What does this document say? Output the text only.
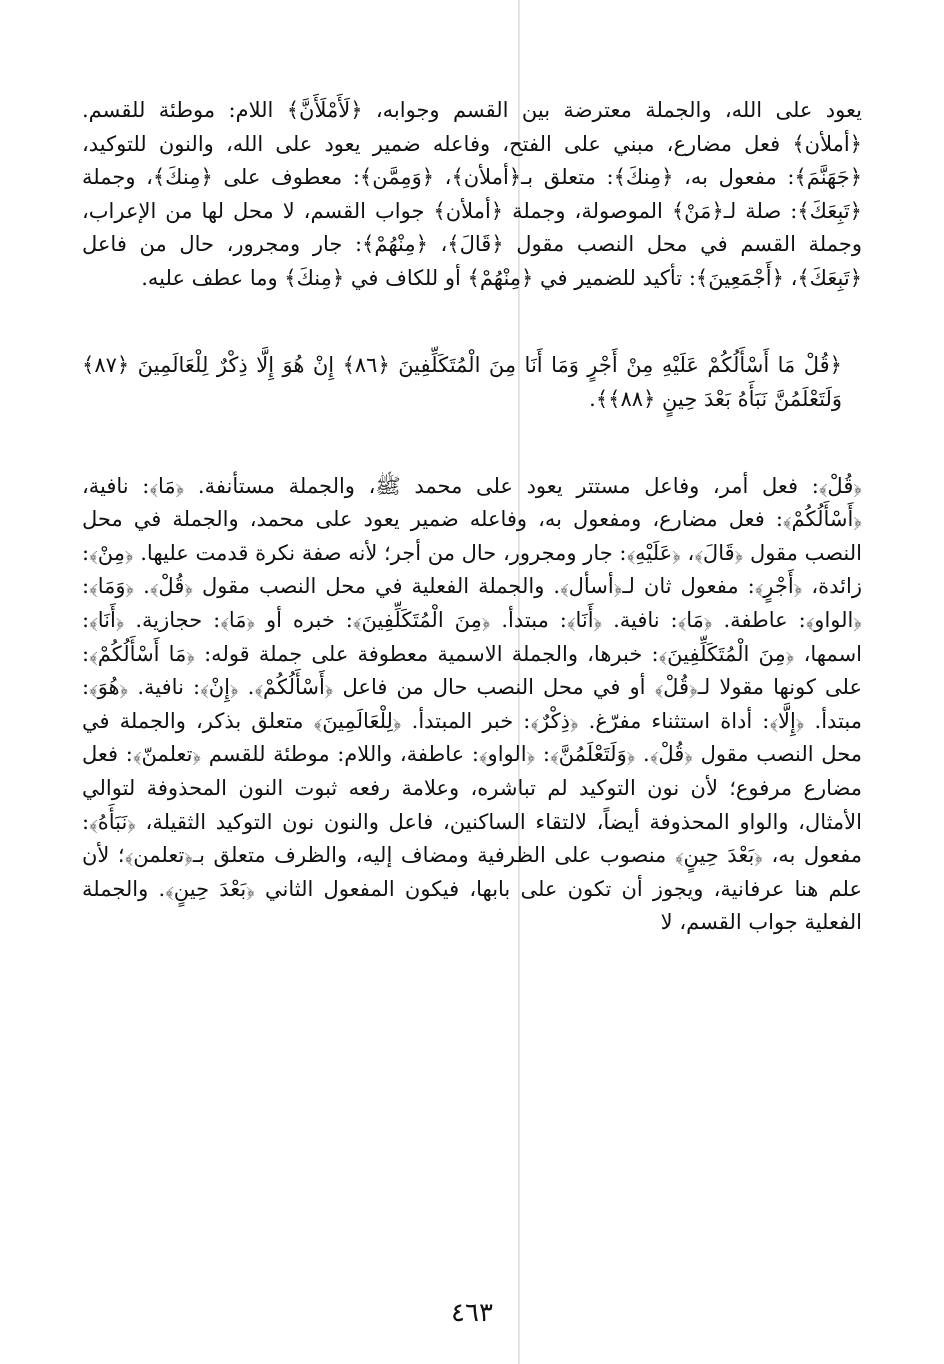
يعود على الله، والجملة معترضة بين القسم وجوابه، ﴿لَأَمْلَأَنَّ﴾ اللام: موطئة للقسم. ﴿أملأن﴾ فعل مضارع، مبني على الفتح، وفاعله ضمير يعود على الله، والنون للتوكيد، ﴿جَهَنَّمَ﴾: مفعول به، ﴿مِنكَ﴾: متعلق بـ﴿أملأن﴾، ﴿وَمِمَّن﴾: معطوف على ﴿مِنكَ﴾، وجملة ﴿تَبِعَكَ﴾: صلة لـ﴿مَنْ﴾ الموصولة، وجملة ﴿أملأن﴾ جواب القسم، لا محل لها من الإعراب، وجملة القسم في محل النصب مقول ﴿قَالَ﴾، ﴿مِنْهُمْ﴾: جار ومجرور، حال من فاعل ﴿تَبِعَكَ﴾، ﴿أَجْمَعِينَ﴾: تأكيد للضمير في ﴿مِنْهُمْ﴾ أو للكاف في ﴿مِنكَ﴾ وما عطف عليه.

﴿قُلْ مَا أَسْأَلُكُمْ عَلَيْهِ مِنْ أَجْرٍ وَمَا أَنَا مِنَ الْمُتَكَلِّفِينَ ﴿٨٦﴾ إِنْ هُوَ إِلَّا ذِكْرٌ لِلْعَالَمِينَ ﴿٨٧﴾ وَلَتَعْلَمُنَّ نَبَأَهُ بَعْدَ حِينٍ ﴿٨٨﴾﴾.

﴿قُلْ﴾: فعل أمر، وفاعل مستتر يعود على محمد ﷺ، والجملة مستأنفة. ﴿مَا﴾: نافية، ﴿أَسْأَلُكُمْ﴾: فعل مضارع، ومفعول به، وفاعله ضمير يعود على محمد، والجملة في محل النصب مقول ﴿قَالَ﴾، ﴿عَلَيْهِ﴾: جار ومجرور، حال من أجر؛ لأنه صفة نكرة قدمت عليها. ﴿مِنْ﴾: زائدة، ﴿أَجْرٍ﴾: مفعول ثان لـ﴿أسأل﴾. والجملة الفعلية في محل النصب مقول ﴿قُلْ﴾. ﴿وَمَا﴾: ﴿الواو﴾: عاطفة. ﴿مَا﴾: نافية. ﴿أَنَا﴾: مبتدأ. ﴿مِنَ الْمُتَكَلِّفِينَ﴾: خبره أو ﴿مَا﴾: حجازية. ﴿أَنَا﴾: اسمها، ﴿مِنَ الْمُتَكَلِّفِينَ﴾: خبرها، والجملة الاسمية معطوفة على جملة قوله: ﴿مَا أَسْأَلُكُمْ﴾: على كونها مقولا لـ﴿قُلْ﴾ أو في محل النصب حال من فاعل ﴿أَسْأَلُكُمْ﴾. ﴿إِنْ﴾: نافية. ﴿هُوَ﴾: مبتدأ. ﴿إِلَّا﴾: أداة استثناء مفرّغ. ﴿ذِكْرٌ﴾: خبر المبتدأ. ﴿لِلْعَالَمِينَ﴾ متعلق بذكر، والجملة في محل النصب مقول ﴿قُلْ﴾. ﴿وَلَتَعْلَمُنَّ﴾: ﴿الواو﴾: عاطفة، واللام: موطئة للقسم ﴿تعلمنّ﴾: فعل مضارع مرفوع؛ لأن نون التوكيد لم تباشره، وعلامة رفعه ثبوت النون المحذوفة لتوالي الأمثال، والواو المحذوفة أيضاً، لالتقاء الساكنين، فاعل والنون نون التوكيد الثقيلة، ﴿نَبَأَهُ﴾: مفعول به، ﴿بَعْدَ حِينٍ﴾ منصوب على الظرفية ومضاف إليه، والظرف متعلق بـ﴿تعلمن﴾؛ لأن علم هنا عرفانية، ويجوز أن تكون على بابها، فيكون المفعول الثاني ﴿بَعْدَ حِينٍ﴾. والجملة الفعلية جواب القسم، لا

٤٦٣
